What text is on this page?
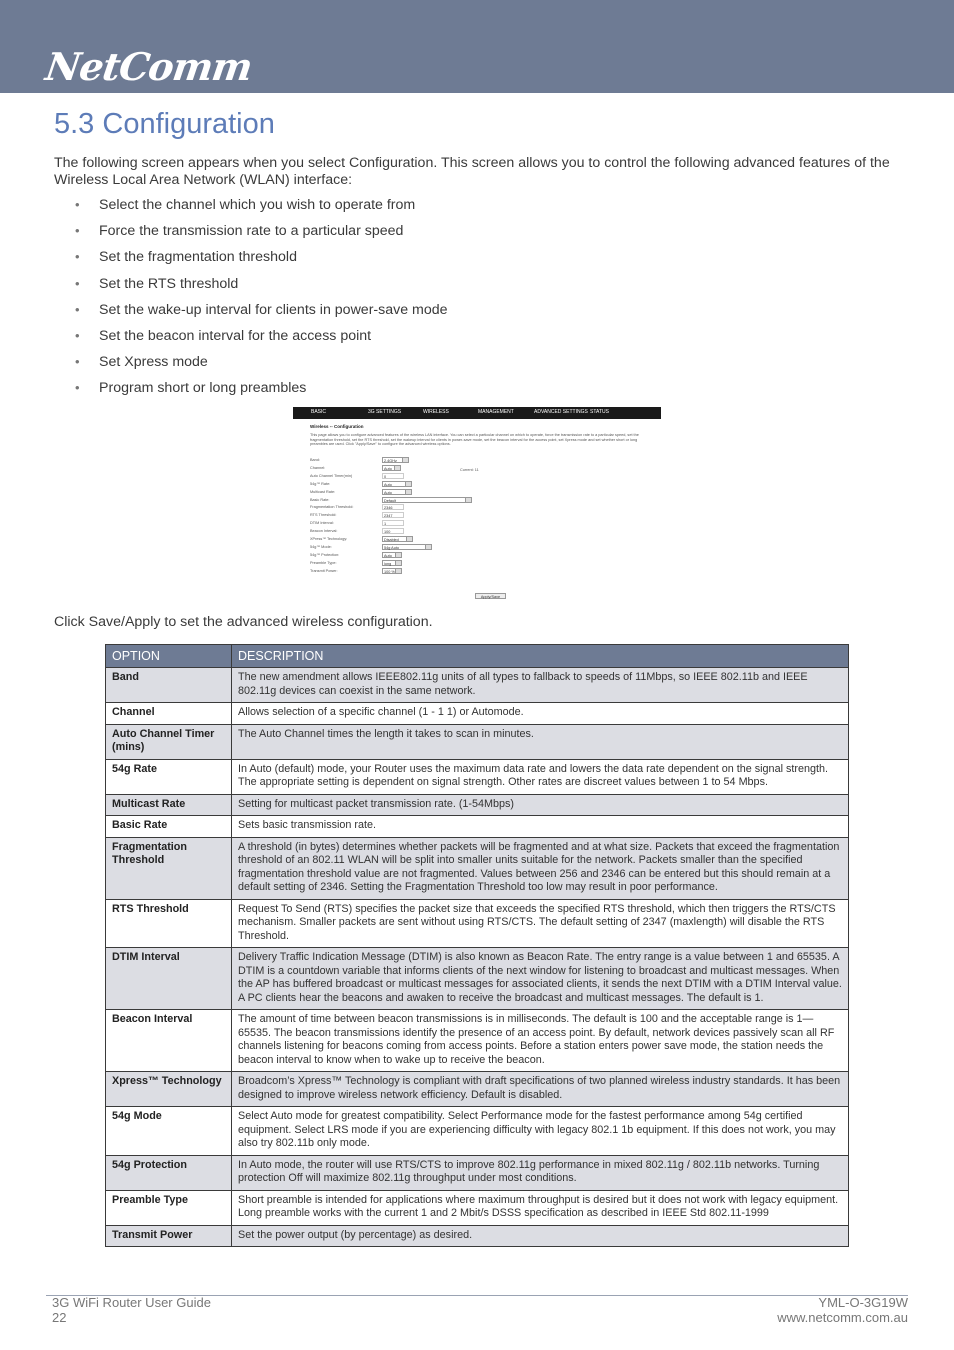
NetComm
5.3 Configuration

The following screen appears when you select Configuration. This screen allows you to control the following advanced features of the Wireless Local Area Network (WLAN) interface:

• Select the channel which you wish to operate from
• Force the transmission rate to a particular speed
• Set the fragmentation threshold
• Set the RTS threshold
• Set the wake-up interval for clients in power-save mode
• Set the beacon interval for the access point
• Set Xpress mode
• Program short or long preambles
BASIC	3G SETTINGS	WIRELESS	MANAGEMENT	ADVANCED SETTINGS STATUS
Wireless -- Configuration
This page allows you to configure advanced features of the wireless LAN interface. You can select a particular channel on which to operate, force the transmission rate to a particular speed, set the fragmentation threshold, set the RTS threshold, set the wakeup interval for clients in power-save mode, set the beacon interval for the access point, set Xpress mode and set whether short or long preambles are used. Click "Apply/Save" to configure the advanced wireless options.
Current: 11
Apply/Save
Band:	2.4GHz
Channel:	Auto
Auto Channel Timer(min)	0
54g™ Rate:	Auto
Multicast Rate:	Auto
Basic Rate:	Default
Fragmentation Threshold:	2346
RTS Threshold:	2347
DTIM Interval:	1
Beacon Interval:	100
XPress™ Technology:	Disabled
54g™ Mode:	54g Auto
54g™ Protection:	Auto
Preamble Type:	long
Transmit Power:	100 %

Click Save/Apply to set the advanced wireless configuration.

OPTION	DESCRIPTION
Band	The new amendment allows IEEE802.11g units of all types to fallback to speeds of 11Mbps, so IEEE 802.11b and IEEE 802.11g devices can coexist in the same network.
Channel	Allows selection of a specific channel (1 - 1 1) or Automode.
Auto Channel Timer (mins)	The Auto Channel times the length it takes to scan in minutes.
54g Rate	In Auto (default) mode, your Router uses the maximum data rate and lowers the data rate dependent on the signal strength. The appropriate setting is dependent on signal strength. Other rates are discreet values between 1 to 54 Mbps.
Multicast Rate	Setting for multicast packet transmission rate. (1-54Mbps)
Basic Rate	Sets basic transmission rate.
Fragmentation Threshold	A threshold (in bytes) determines whether packets will be fragmented and at what size. Packets that exceed the fragmentation threshold of an 802.11 WLAN will be split into smaller units suitable for the network. Packets smaller than the specified fragmentation threshold value are not fragmented. Values between 256 and 2346 can be entered but this should remain at a default setting of 2346. Setting the Fragmentation Threshold too low may result in poor performance.
RTS Threshold	Request To Send (RTS) specifies the packet size that exceeds the specified RTS threshold, which then triggers the RTS/CTS mechanism. Smaller packets are sent without using RTS/CTS. The default setting of 2347 (maxlength) will disable the RTS Threshold.
DTIM Interval	Delivery Traffic Indication Message (DTIM) is also known as Beacon Rate. The entry range is a value between 1 and 65535. A DTIM is a countdown variable that informs clients of the next window for listening to broadcast and multicast messages. When the AP has buffered broadcast or multicast messages for associated clients, it sends the next DTIM with a DTIM Interval value. A PC clients hear the beacons and awaken to receive the broadcast and multicast messages. The default is 1.
Beacon Interval	The amount of time between beacon transmissions is in milliseconds. The default is 100 and the acceptable range is 1—65535. The beacon transmissions identify the presence of an access point. By default, network devices passively scan all RF channels listening for beacons coming from access points. Before a station enters power save mode, the station needs the beacon interval to know when to wake up to receive the beacon.
Xpress™ Technology	Broadcom’s Xpress™ Technology is compliant with draft specifications of two planned wireless industry standards. It has been designed to improve wireless network efficiency. Default is disabled.
54g Mode	Select Auto mode for greatest compatibility. Select Performance mode for the fastest performance among 54g certified equipment. Select LRS mode if you are experiencing difficulty with legacy 802.1 1b equipment. If this does not work, you may also try 802.11b only mode.
54g Protection	In Auto mode, the router will use RTS/CTS to improve 802.11g performance in mixed 802.11g / 802.11b networks. Turning protection Off will maximize 802.11g throughput under most conditions.
Preamble Type	Short preamble is intended for applications where maximum throughput is desired but it does not work with legacy equipment. Long preamble works with the current 1 and 2 Mbit/s DSSS specification as described in IEEE Std 802.11-1999
Transmit Power	Set the power output (by percentage) as desired.
3G WiFi Router User Guide
22
YML-O-3G19W
www.netcomm.com.au
